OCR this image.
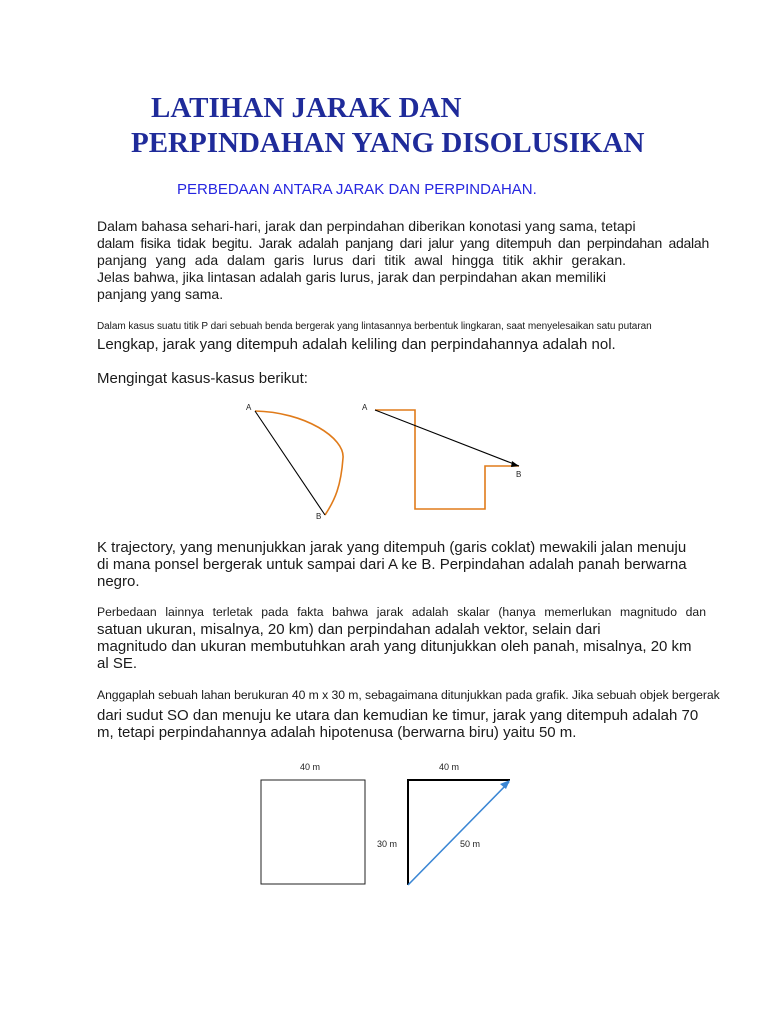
LATIHAN JARAK DAN
PERPINDAHAN YANG DISOLUSIKAN
PERBEDAAN ANTARA JARAK DAN PERPINDAHAN.
Dalam bahasa sehari-hari, jarak dan perpindahan diberikan konotasi yang sama, tetapi
dalam fisika tidak begitu. Jarak adalah panjang dari jalur yang ditempuh dan perpindahan adalah
panjang yang ada dalam garis lurus dari titik awal hingga titik akhir gerakan.
Jelas bahwa, jika lintasan adalah garis lurus, jarak dan perpindahan akan memiliki
panjang yang sama.
Dalam kasus suatu titik P dari sebuah benda bergerak yang lintasannya berbentuk lingkaran, saat menyelesaikan satu putaran
Lengkap, jarak yang ditempuh adalah keliling dan perpindahannya adalah nol.
Mengingat kasus-kasus berikut:
A
B
A
B
K trajectory, yang menunjukkan jarak yang ditempuh (garis coklat) mewakili jalan menuju
di mana ponsel bergerak untuk sampai dari A ke B. Perpindahan adalah panah berwarna
negro.
Perbedaan lainnya terletak pada fakta bahwa jarak adalah skalar (hanya memerlukan magnitudo dan
satuan ukuran, misalnya, 20 km) dan perpindahan adalah vektor, selain dari
magnitudo dan ukuran membutuhkan arah yang ditunjukkan oleh panah, misalnya, 20 km
al SE.
Anggaplah sebuah lahan berukuran 40 m x 30 m, sebagaimana ditunjukkan pada grafik. Jika sebuah objek bergerak
dari sudut SO dan menuju ke utara dan kemudian ke timur, jarak yang ditempuh adalah 70
m, tetapi perpindahannya adalah hipotenusa (berwarna biru) yaitu 50 m.
40 m	40 m
30 m	50 m
